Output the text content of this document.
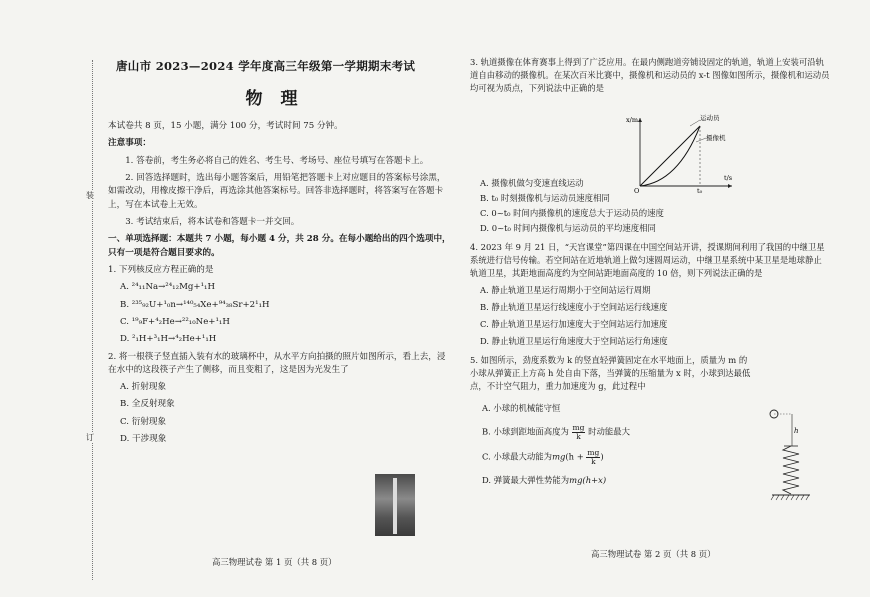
装
订
唐山市 2023—2024 学年度高三年级第一学期期末考试
物理
本试卷共 8 页，15 小题，满分 100 分，考试时间 75 分钟。
注意事项：
1. 答卷前，考生务必将自己的姓名、考生号、考场号、座位号填写在答题卡上。
2. 回答选择题时，选出每小题答案后，用铅笔把答题卡上对应题目的答案标号涂黑，如需改动，用橡皮擦干净后，再选涂其他答案标号。回答非选择题时，将答案写在答题卡上，写在本试卷上无效。
3. 考试结束后，将本试卷和答题卡一并交回。
一、单项选择题：本题共 7 小题，每小题 4 分，共 28 分。在每小题给出的四个选项中，只有一项是符合题目要求的。
1. 下列核反应方程正确的是
A. ²⁴₁₁Na→²⁴₁₂Mg+¹₁H
B. ²³⁵₉₂U+¹₀n→¹⁴⁰₅₄Xe+⁹⁴₃₈Sr+2¹₁H
C. ¹⁹₉F+⁴₂He→²²₁₀Ne+¹₁H
D. ²₁H+³₁H→⁴₂He+¹₁H
2. 将一根筷子竖直插入装有水的玻璃杯中，从水平方向拍摄的照片如图所示，看上去，浸在水中的这段筷子产生了侧移，而且变粗了，这是因为光发生了
A. 折射现象
B. 全反射现象
C. 衍射现象
D. 干涉现象
高三物理试卷 第 1 页（共 8 页）
3. 轨道摄像在体育赛事上得到了广泛应用。在最内侧跑道旁铺设固定的轨道，轨道上安装可沿轨道自由移动的摄像机。在某次百米比赛中，摄像机和运动员的 x-t 图像如图所示，摄像机和运动员均可视为质点，下列说法中正确的是
A. 摄像机做匀变速直线运动
B. t₀ 时刻摄像机与运动员速度相同
C. 0~t₀ 时间内摄像机的速度总大于运动员的速度
D. 0~t₀ 时间内摄像机与运动员的平均速度相同
4. 2023 年 9 月 21 日，“天宫课堂”第四课在中国空间站开讲，授课期间利用了我国的中继卫星系统进行信号传输。若空间站在近地轨道上做匀速圆周运动，中继卫星系统中某卫星是地球静止轨道卫星，其距地面高度约为空间站距地面高度的 10 倍，则下列说法正确的是
A. 静止轨道卫星运行周期小于空间站运行周期
B. 静止轨道卫星运行线速度小于空间站运行线速度
C. 静止轨道卫星运行加速度大于空间站运行加速度
D. 静止轨道卫星运行角速度大于空间站运行角速度
5. 如图所示，劲度系数为 k 的竖直轻弹簧固定在水平地面上，质量为 m 的小球从弹簧正上方高 h 处自由下落，当弹簧的压缩量为 x 时，小球到达最低点，不计空气阻力，重力加速度为 g，此过程中
A. 小球的机械能守恒
B. 小球到距地面高度为 $\frac{mg}{k}$ 时动能最大
C. 小球最大动能为$mg(h + \frac{mg}{k}$ )
D. 弹簧最大弹性势能为mg(h+x)
x/m
t/s
O	t₀
运动员
摄像机
h
高三物理试卷 第 2 页（共 8 页）
